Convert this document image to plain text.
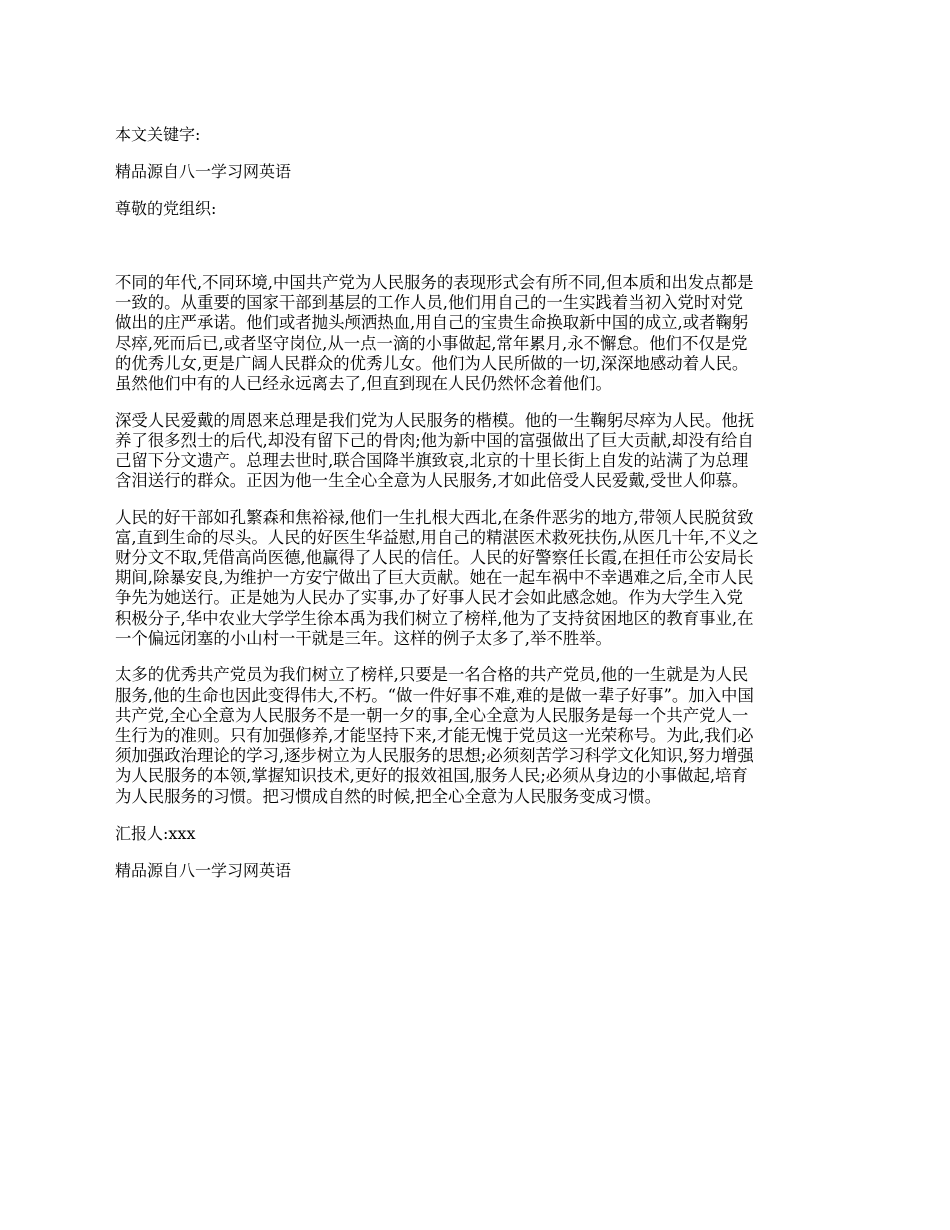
本文关键字:
精品源自八一学习网英语
尊敬的党组织:
不同的年代,不同环境,中国共产党为人民服务的表现形式会有所不同,但本质和出发点都是
一致的。从重要的国家干部到基层的工作人员,他们用自己的一生实践着当初入党时对党
做出的庄严承诺。他们或者抛头颅洒热血,用自己的宝贵生命换取新中国的成立,或者鞠躬
尽瘁,死而后已,或者坚守岗位,从一点一滴的小事做起,常年累月,永不懈怠。他们不仅是党
的优秀儿女,更是广阔人民群众的优秀儿女。他们为人民所做的一切,深深地感动着人民。
虽然他们中有的人已经永远离去了,但直到现在人民仍然怀念着他们。
深受人民爱戴的周恩来总理是我们党为人民服务的楷模。他的一生鞠躬尽瘁为人民。他抚
养了很多烈士的后代,却没有留下己的骨肉;他为新中国的富强做出了巨大贡献,却没有给自
己留下分文遗产。总理去世时,联合国降半旗致哀,北京的十里长街上自发的站满了为总理
含泪送行的群众。正因为他一生全心全意为人民服务,才如此倍受人民爱戴,受世人仰慕。
人民的好干部如孔繁森和焦裕禄,他们一生扎根大西北,在条件恶劣的地方,带领人民脱贫致
富,直到生命的尽头。人民的好医生华益慰,用自己的精湛医术救死扶伤,从医几十年,不义之
财分文不取,凭借高尚医德,他赢得了人民的信任。人民的好警察任长霞,在担任市公安局长
期间,除暴安良,为维护一方安宁做出了巨大贡献。她在一起车祸中不幸遇难之后,全市人民
争先为她送行。正是她为人民办了实事,办了好事人民才会如此感念她。作为大学生入党
积极分子,华中农业大学学生徐本禹为我们树立了榜样,他为了支持贫困地区的教育事业,在
一个偏远闭塞的小山村一干就是三年。这样的例子太多了,举不胜举。
太多的优秀共产党员为我们树立了榜样,只要是一名合格的共产党员,他的一生就是为人民
服务,他的生命也因此变得伟大,不朽。“做一件好事不难,难的是做一辈子好事”。加入中国
共产党,全心全意为人民服务不是一朝一夕的事,全心全意为人民服务是每一个共产党人一
生行为的准则。只有加强修养,才能坚持下来,才能无愧于党员这一光荣称号。为此,我们必
须加强政治理论的学习,逐步树立为人民服务的思想;必须刻苦学习科学文化知识,努力增强
为人民服务的本领,掌握知识技术,更好的报效祖国,服务人民;必须从身边的小事做起,培育
为人民服务的习惯。把习惯成自然的时候,把全心全意为人民服务变成习惯。
汇报人:xxx
精品源自八一学习网英语
